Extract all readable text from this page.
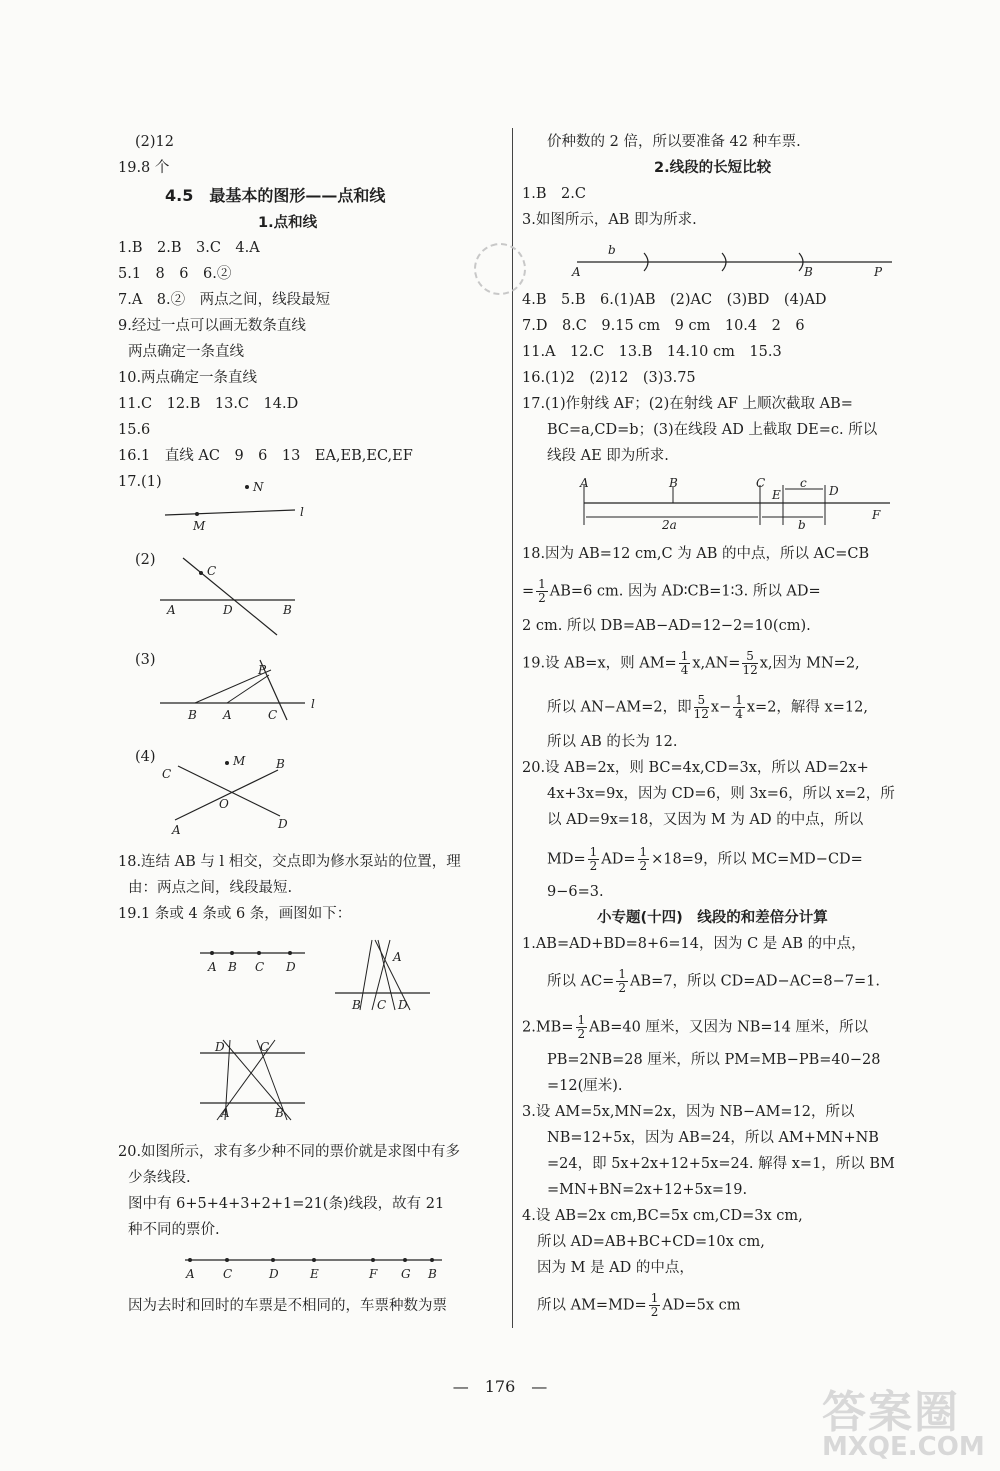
(2)12
19.8 个
4.5　最基本的图形——点和线
1.点和线
1.B　2.B　3.C　4.A
5.1　8　6　6.②
7.A　8.②　两点之间，线段最短
9.经过一点可以画无数条直线
两点确定一条直线
10.两点确定一条直线
11.C　12.B　13.C　14.D
15.6
16.1　直线 AC　9　6　13　EA,EB,EC,EF
17.(1)	N
M
l
(2)
C
A	D	B
(3)
P
B A	C
l
(4)	M
C
B
O
A	D
18.连结 AB 与 l 相交，交点即为修水泵站的位置，理
由：两点之间，线段最短.
19.1 条或 4 条或 6 条，画图如下：
A B C D
A
B C D
D	C
A	B
20.如图所示，求有多少种不同的票价就是求图中有多
少条线段.
图中有 6+5+4+3+2+1=21(条)线段，故有 21
种不同的票价.
A C	D	E	F G B
因为去时和回时的车票是不相同的，车票种数为票
价种数的 2 倍，所以要准备 42 种车票.
2.线段的长短比较
1.B　2.C
3.如图所示，AB 即为所求.
b
A	B	P
4.B　5.B　6.(1)AB　(2)AC　(3)BD　(4)AD
7.D　8.C　9.15 cm　9 cm　10.4　2　6
11.A　12.C　13.B　14.10 cm　15.3
16.(1)2　(2)12　(3)3.75
17.(1)作射线 AF；(2)在射线 AF 上顺次截取 AB=
BC=a,CD=b；(3)在线段 AD 上截取 DE=c. 所以
线段 AE 即为所求.
A	B	C
E
c
D
F
2a	b
18.因为 AB=12 cm,C 为 AB 的中点，所以 AC=CB
= $\frac{1}{2} AB=6$ cm. 因为 AD∶CB=1∶3. 所以 AD=
2 cm. 所以 DB=AB−AD=12−2=10(cm).
19.设 AB=x，则 $AM= \frac{1}{4} x,AN= \frac{5}{12} x$,因为 MN=2,
所以 AN−AM=2，即 $\frac{5}{12} x- \frac{1}{4} x=2$，解得 x=12,
所以 AB 的长为 12.
20.设 AB=2x，则 BC=4x,CD=3x，所以 AD=2x+
4x+3x=9x，因为 CD=6，则 3x=6，所以 x=2，所
以 AD=9x=18，又因为 M 为 AD 的中点，所以
$MD= \frac{1}{2} AD= \frac{1}{2} \times 18=9$，所以 MC=MD−CD=
9−6=3.
小专题(十四)　线段的和差倍分计算
1.AB=AD+BD=8+6=14，因为 C 是 AB 的中点，
所以 $AC= \frac{1}{2} AB=7$，所以 CD=AD−AC=8−7=1.
$2.MB= \frac{1}{2} AB=40$ 厘米，又因为 NB=14 厘米，所以
PB=2NB=28 厘米，所以 PM=MB−PB=40−28
=12(厘米).
3.设 AM=5x,MN=2x，因为 NB−AM=12，所以
NB=12+5x，因为 AB=24，所以 AM+MN+NB
=24，即 5x+2x+12+5x=24. 解得 x=1，所以 BM
=MN+BN=2x+12+5x=19.
4.设 AB=2x cm,BC=5x cm,CD=3x cm,
所以 AD=AB+BC+CD=10x cm,
因为 M 是 AD 的中点，
所以 $AM=MD= \frac{1}{2} AD=5x$ cm
—　 176　 —
答案圈
MXQE.COM
